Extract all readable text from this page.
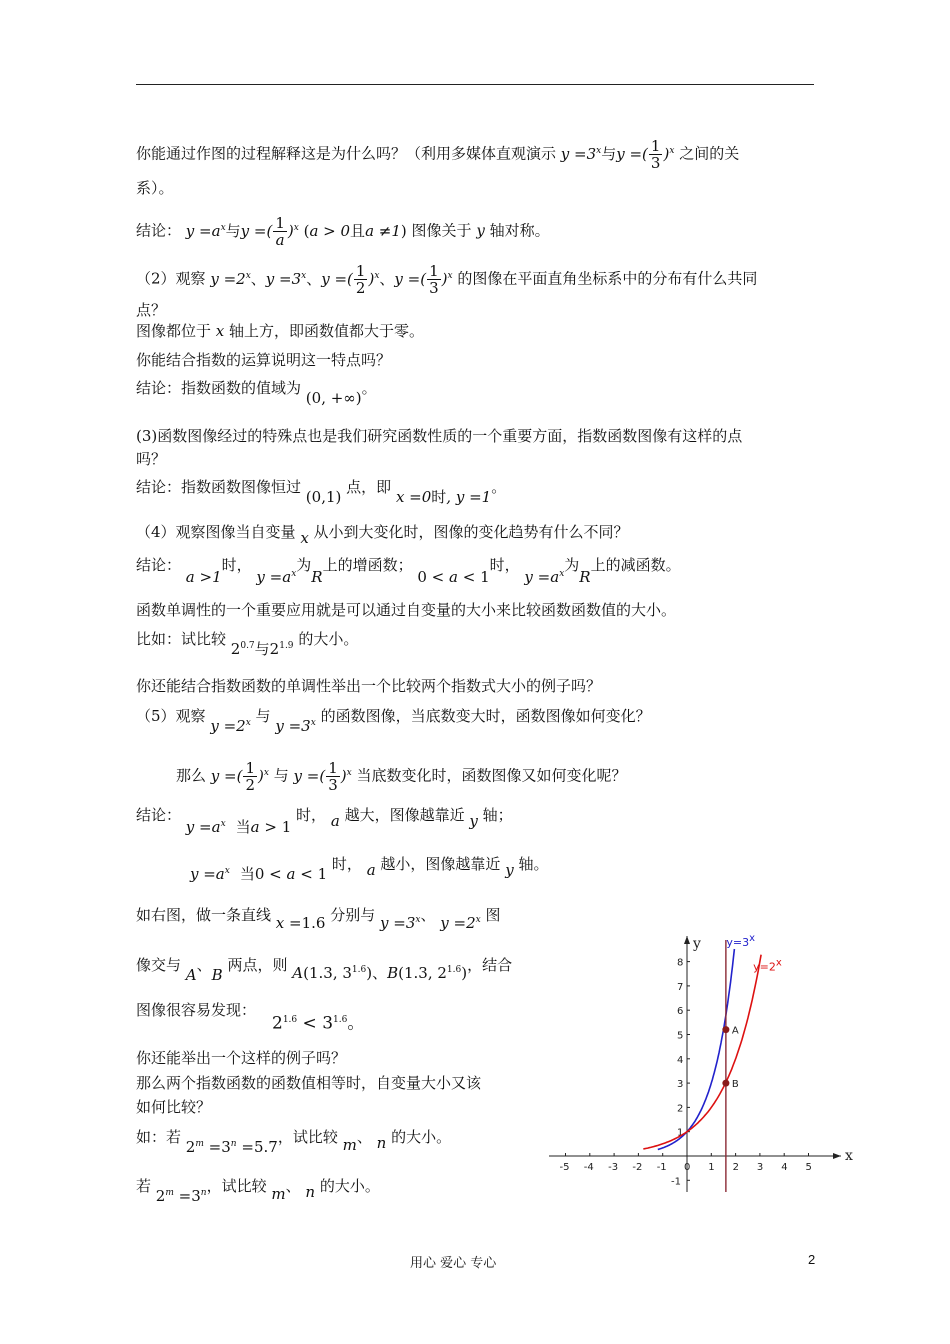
你能通过作图的过程解释这是为什么吗？（利用多媒体直观演示 $y =3^x$与y =( $\frac{1}{3} )^x$ 之间的关
系）。
结论： $y =a^x$与y =( $\frac{1}{a} )^x$ (a > 0且a ≠1) 图像关于 y 轴对称。
（2）观察 $y =2^x$、$y =3^x$、y =( $\frac{1}{2} )^x$、y =( $\frac{1}{3} )^x$ 的图像在平面直角坐标系中的分布有什么共同
点？
图像都位于 x 轴上方，即函数值都大于零。
你能结合指数的运算说明这一特点吗？
结论：指数函数的值域为 (0, +∞)。
(3)函数图像经过的特殊点也是我们研究函数性质的一个重要方面，指数函数图像有这样的点
吗？
结论：指数函数图像恒过 (0,1) 点，即 x =0时, y =1。
（4）观察图像当自变量 x 从小到大变化时，图像的变化趋势有什么不同？
结论： a >1时， $y =a^x$为R上的增函数； 0 < a < 1时， $y =a^x$为R上的减函数。
函数单调性的一个重要应用就是可以通过自变量的大小来比较函数函数值的大小。
比如：试比较 $2^{0.7}$与$2^{1.9}$ 的大小。
你还能结合指数函数的单调性举出一个比较两个指数式大小的例子吗？
（5）观察 $y =2^x$ 与 $y =3^x$ 的函数图像，当底数变大时，函数图像如何变化？
那么 y =( $\frac{1}{2} )^x$ 与 y =( $\frac{1}{3} )^x$ 当底数变化时，函数图像又如何变化呢？
结论： $y =a^x$ 当a > 1 时， a 越大，图像越靠近 y 轴；
$y =a^x$ 当0 < a < 1 时， a 越小，图像越靠近 y 轴。
如右图，做一条直线 x =1.6 分别与 $y =3^x$、 $y =2^x$ 图
像交与 A、B 两点，则 A(1.3, $3^{1.6}$)、B(1.3, $2^{1.6}$)，结合
图像很容易发现：
$2^{1.6} < 3^{1.6}$。
你还能举出一个这样的例子吗？
那么两个指数函数的函数值相等时，自变量大小又该
如何比较？
如：若 $2^m =3^n =5.7$，试比较 m、 n 的大小。
若 $2^m =3^n$，试比较 m、 n 的大小。
x
y
-5 -4 -3 -2 -1 0 1 2 3 4 5
-1
1
2
3
4
5
6
7
8
y=3x
y=2x
A
B
用心 爱心 专心	2
